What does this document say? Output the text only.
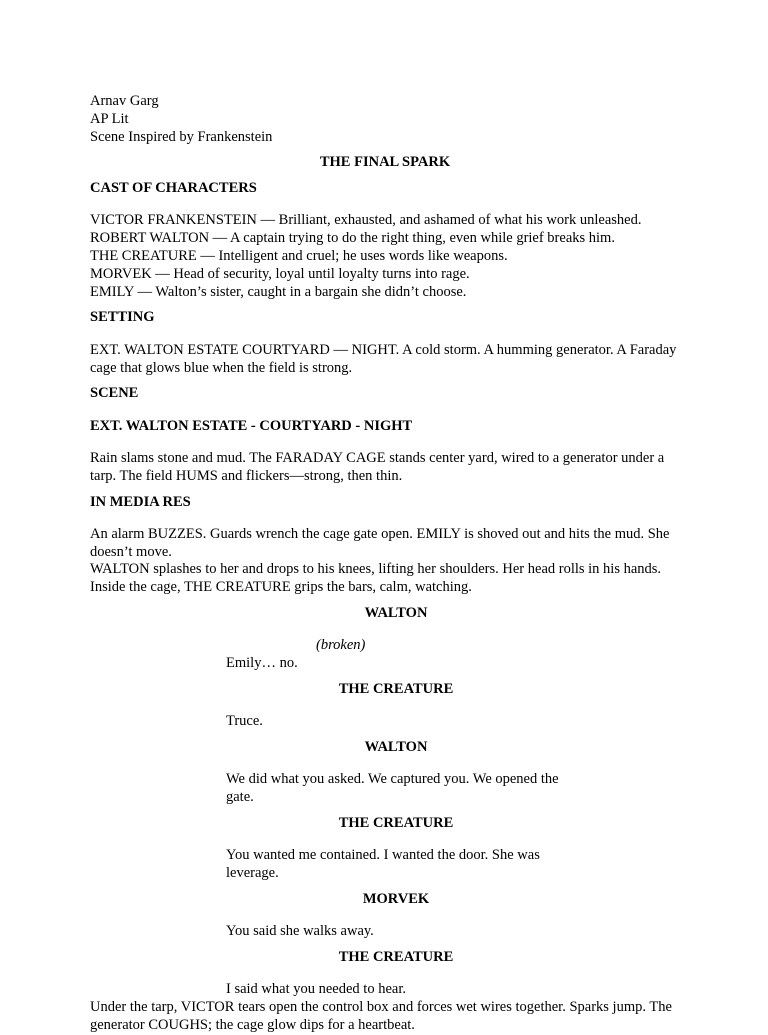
Arnav Garg

AP Lit

Scene Inspired by Frankenstein

THE FINAL SPARK

CAST OF CHARACTERS

VICTOR FRANKENSTEIN — Brilliant, exhausted, and ashamed of what his work unleashed.

ROBERT WALTON — A captain trying to do the right thing, even while grief breaks him.

THE CREATURE — Intelligent and cruel; he uses words like weapons.

MORVEK — Head of security, loyal until loyalty turns into rage.

EMILY — Walton’s sister, caught in a bargain she didn’t choose.

SETTING

EXT. WALTON ESTATE COURTYARD — NIGHT. A cold storm. A humming generator. A Faraday cage that glows blue when the field is strong.

SCENE

EXT. WALTON ESTATE - COURTYARD - NIGHT

Rain slams stone and mud. The FARADAY CAGE stands center yard, wired to a generator under a tarp. The field HUMS and flickers—strong, then thin.

IN MEDIA RES

An alarm BUZZES. Guards wrench the cage gate open. EMILY is shoved out and hits the mud. She doesn’t move.

WALTON splashes to her and drops to his knees, lifting her shoulders. Her head rolls in his hands. Inside the cage, THE CREATURE grips the bars, calm, watching.

WALTON

(broken)

Emily… no.

THE CREATURE

Truce.

WALTON

We did what you asked. We captured you. We opened the gate.

THE CREATURE

You wanted me contained. I wanted the door. She was leverage.

MORVEK

You said she walks away.

THE CREATURE

I said what you needed to hear.

Under the tarp, VICTOR tears open the control box and forces wet wires together. Sparks jump. The generator COUGHS; the cage glow dips for a heartbeat.
